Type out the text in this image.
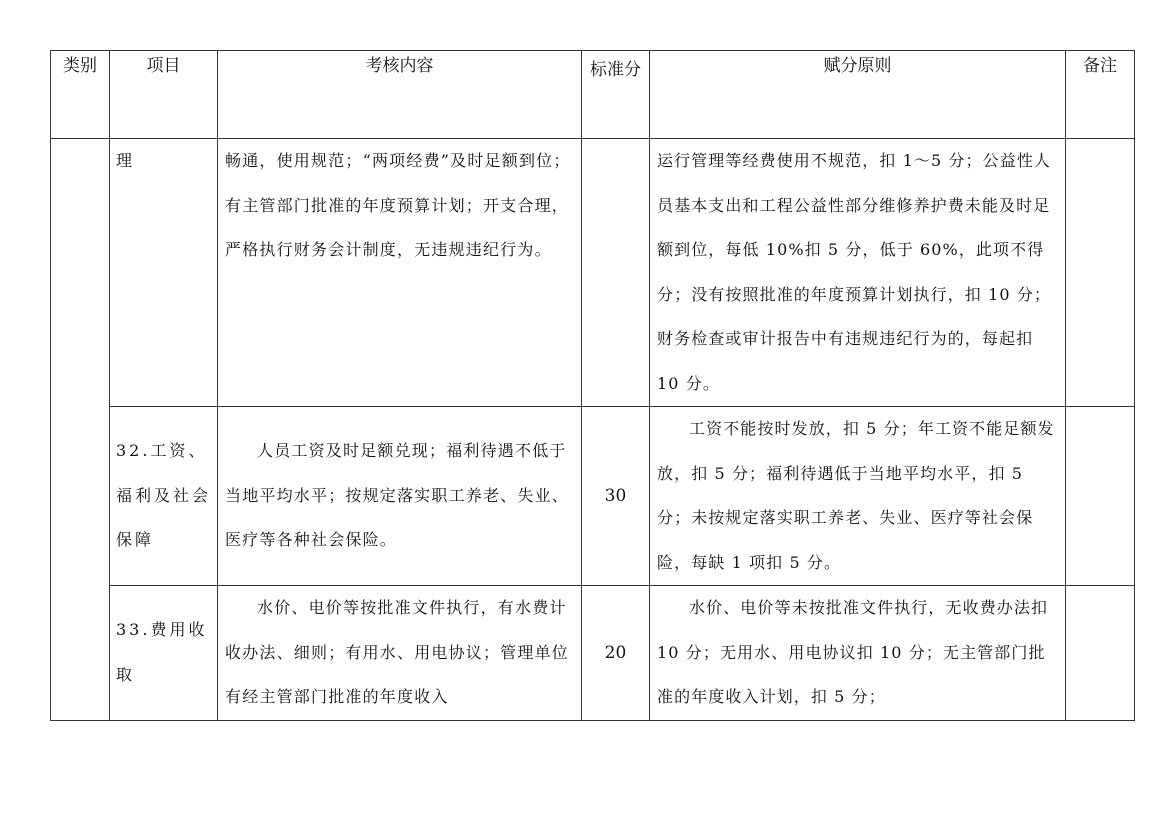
类别	项目	考核内容	标准分	赋分原则	备注

	理	畅通，使用规范；“两项经费”及时足额到位；有主管部门批准的年度预算计划；开支合理，严格执行财务会计制度，无违规违纪行为。		运行管理等经费使用不规范，扣 1～5 分；公益性人员基本支出和工程公益性部分维修养护费未能及时足额到位，每低 10%扣 5 分，低于 60%，此项不得分；没有按照批准的年度预算计划执行，扣 10 分；财务检查或审计报告中有违规违纪行为的，每起扣 10 分。	

	32.工资、福利及社会保障	人员工资及时足额兑现；福利待遇不低于当地平均水平；按规定落实职工养老、失业、医疗等各种社会保险。	30	工资不能按时发放，扣 5 分；年工资不能足额发放，扣 5 分；福利待遇低于当地平均水平，扣 5 分；未按规定落实职工养老、失业、医疗等社会保险，每缺 1 项扣 5 分。	

	33.费用收取	水价、电价等按批准文件执行，有水费计收办法、细则；有用水、用电协议；管理单位有经主管部门批准的年度收入	20	水价、电价等未按批准文件执行，无收费办法扣 10 分；无用水、用电协议扣 10 分；无主管部门批准的年度收入计划，扣 5 分；	
